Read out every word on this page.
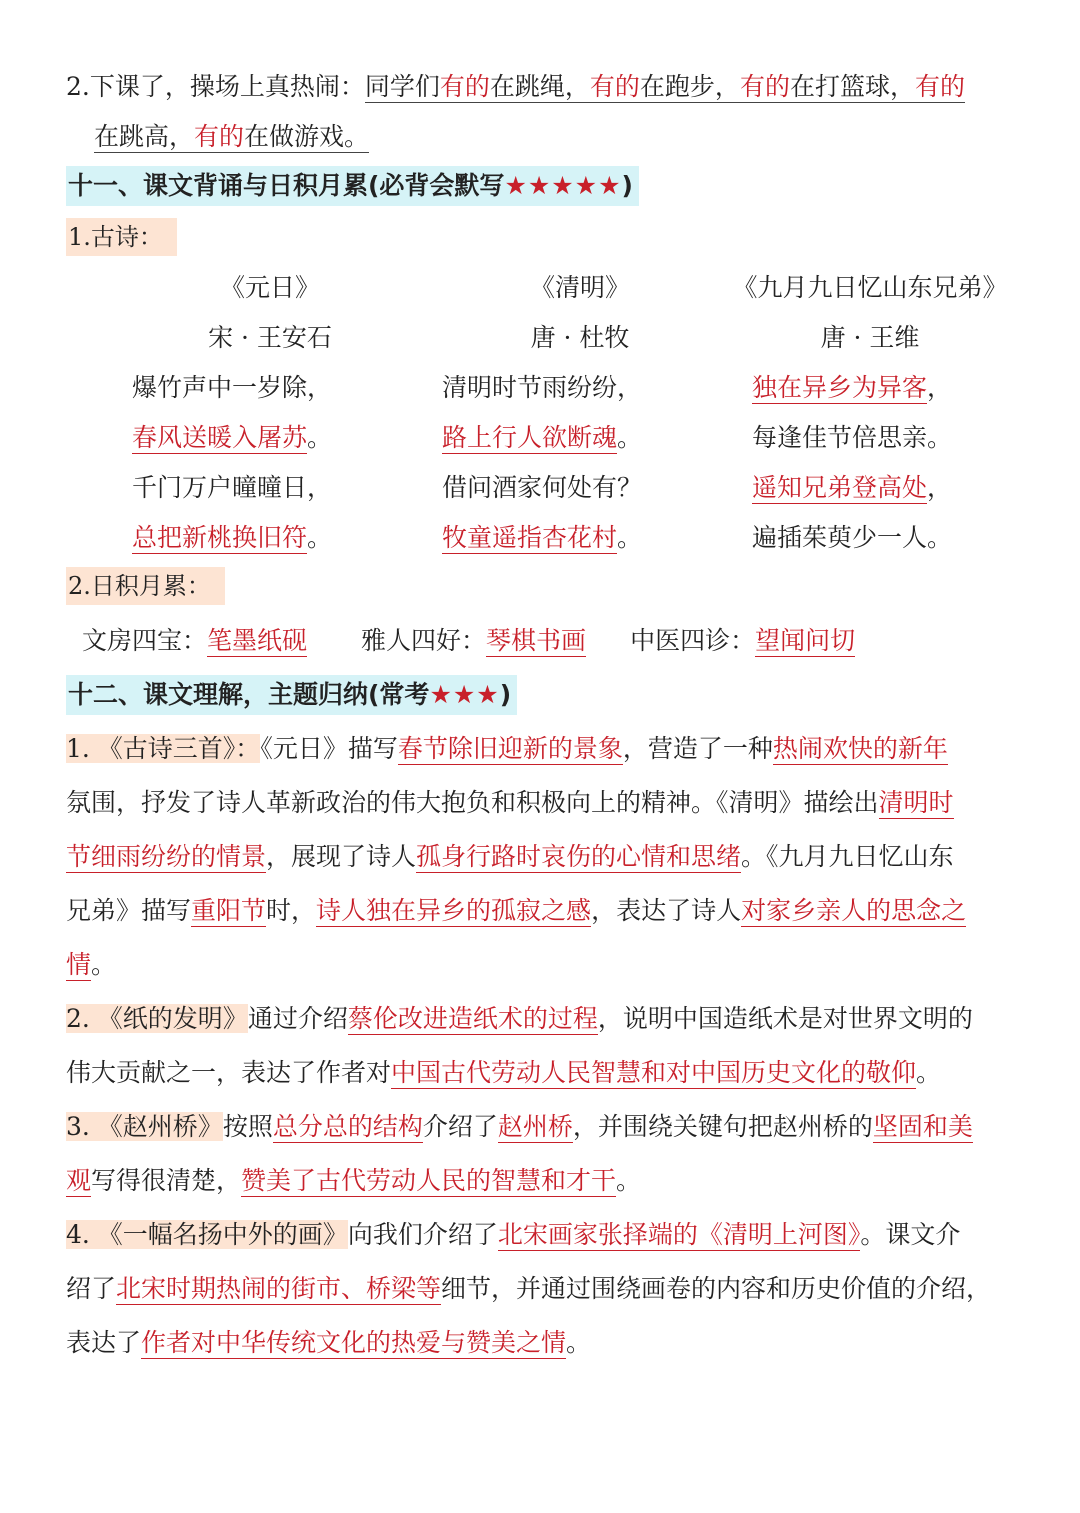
2.下课了，操场上真热闹：同学们有的在跳绳，有的在跑步，有的在打篮球，有的
在跳高，有的在做游戏。
十一、课文背诵与日积月累(必背会默写★★★★★)
1.古诗：
《元日》
宋 · 王安石
爆竹声中一岁除，
春风送暖入屠苏。
千门万户曈曈日，
总把新桃换旧符。
《清明》
唐 · 杜牧
清明时节雨纷纷，
路上行人欲断魂。
借问酒家何处有？
牧童遥指杏花村。
《九月九日忆山东兄弟》
唐 · 王维
独在异乡为异客，
每逢佳节倍思亲。
遥知兄弟登高处，
遍插茱萸少一人。
2.日积月累：
文房四宝：笔墨纸砚 雅人四好：琴棋书画 中医四诊：望闻问切
十二、课文理解，主题归纳(常考★★★)
1. 《古诗三首》：《元日》描写春节除旧迎新的景象，营造了一种热闹欢快的新年
氛围，抒发了诗人革新政治的伟大抱负和积极向上的精神。《清明》描绘出清明时
节细雨纷纷的情景，展现了诗人孤身行路时哀伤的心情和思绪。《九月九日忆山东
兄弟》描写重阳节时，诗人独在异乡的孤寂之感，表达了诗人对家乡亲人的思念之
情。
2. 《纸的发明》通过介绍蔡伦改进造纸术的过程，说明中国造纸术是对世界文明的
伟大贡献之一，表达了作者对中国古代劳动人民智慧和对中国历史文化的敬仰。
3. 《赵州桥》按照总分总的结构介绍了赵州桥，并围绕关键句把赵州桥的坚固和美
观写得很清楚，赞美了古代劳动人民的智慧和才干。
4. 《一幅名扬中外的画》向我们介绍了北宋画家张择端的《清明上河图》。课文介
绍了北宋时期热闹的街市、桥梁等细节，并通过围绕画卷的内容和历史价值的介绍，
表达了作者对中华传统文化的热爱与赞美之情。
